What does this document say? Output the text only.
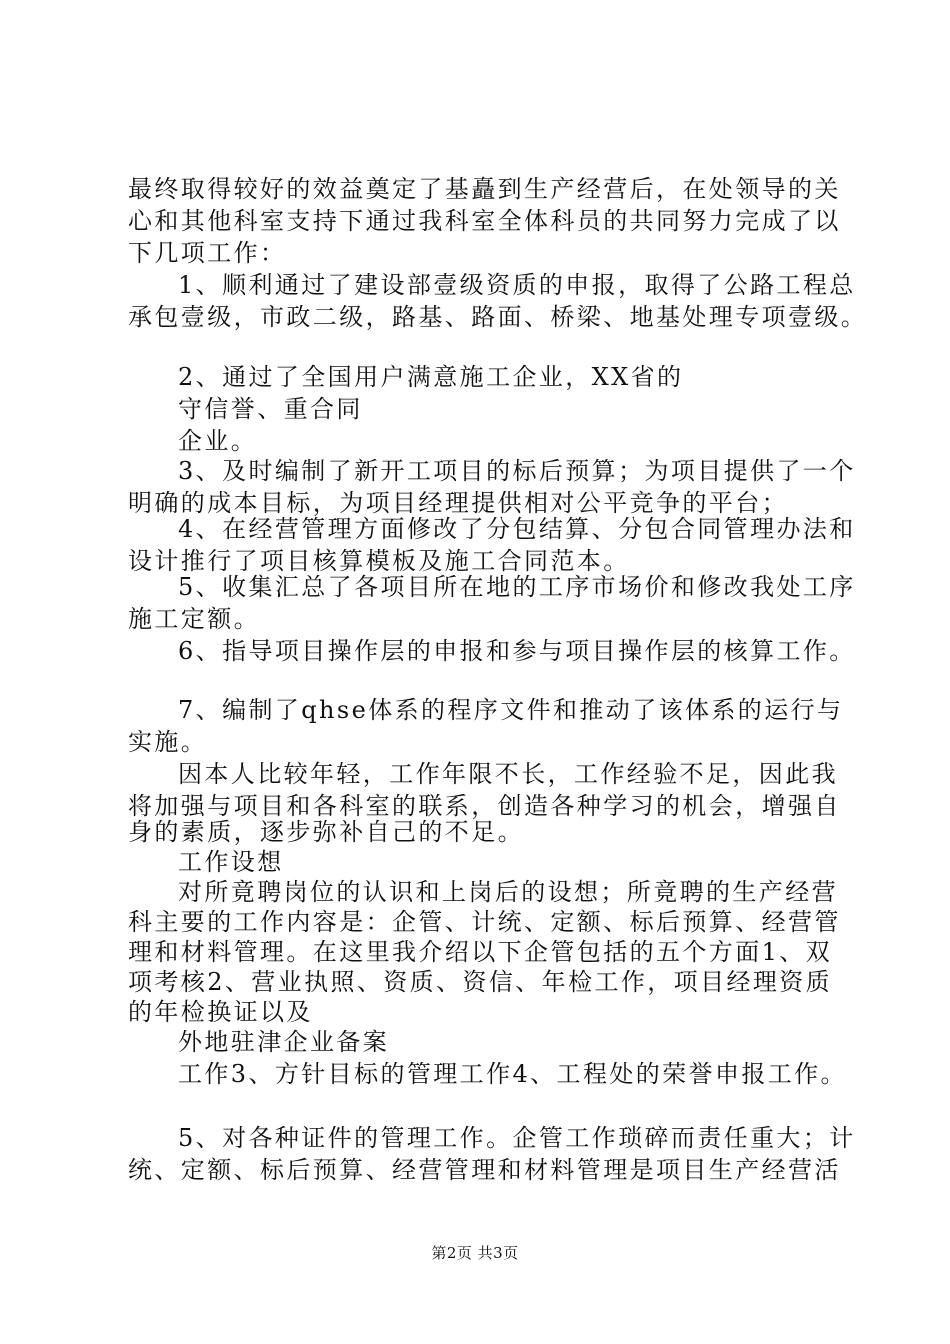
最终取得较好的效益奠定了基矗到生产经营后，在处领导的关
心和其他科室支持下通过我科室全体科员的共同努力完成了以
下几项工作：
1、顺利通过了建设部壹级资质的申报，取得了公路工程总
承包壹级，市政二级，路基、路面、桥梁、地基处理专项壹级。
2、通过了全国用户满意施工企业，XX省的
守信誉、重合同
企业。
3、及时编制了新开工项目的标后预算；为项目提供了一个
明确的成本目标，为项目经理提供相对公平竞争的平台；
4、在经营管理方面修改了分包结算、分包合同管理办法和
设计推行了项目核算模板及施工合同范本。
5、收集汇总了各项目所在地的工序市场价和修改我处工序
施工定额。
6、指导项目操作层的申报和参与项目操作层的核算工作。
7、编制了qhse体系的程序文件和推动了该体系的运行与
实施。
因本人比较年轻，工作年限不长，工作经验不足，因此我
将加强与项目和各科室的联系，创造各种学习的机会，增强自
身的素质，逐步弥补自己的不足。
工作设想
对所竟聘岗位的认识和上岗后的设想；所竟聘的生产经营
科主要的工作内容是：企管、计统、定额、标后预算、经营管
理和材料管理。在这里我介绍以下企管包括的五个方面1、双
项考核2、营业执照、资质、资信、年检工作，项目经理资质
的年检换证以及
外地驻津企业备案
工作3、方针目标的管理工作4、工程处的荣誉申报工作。
5、对各种证件的管理工作。企管工作琐碎而责任重大；计
统、定额、标后预算、经营管理和材料管理是项目生产经营活
第2页 共3页
